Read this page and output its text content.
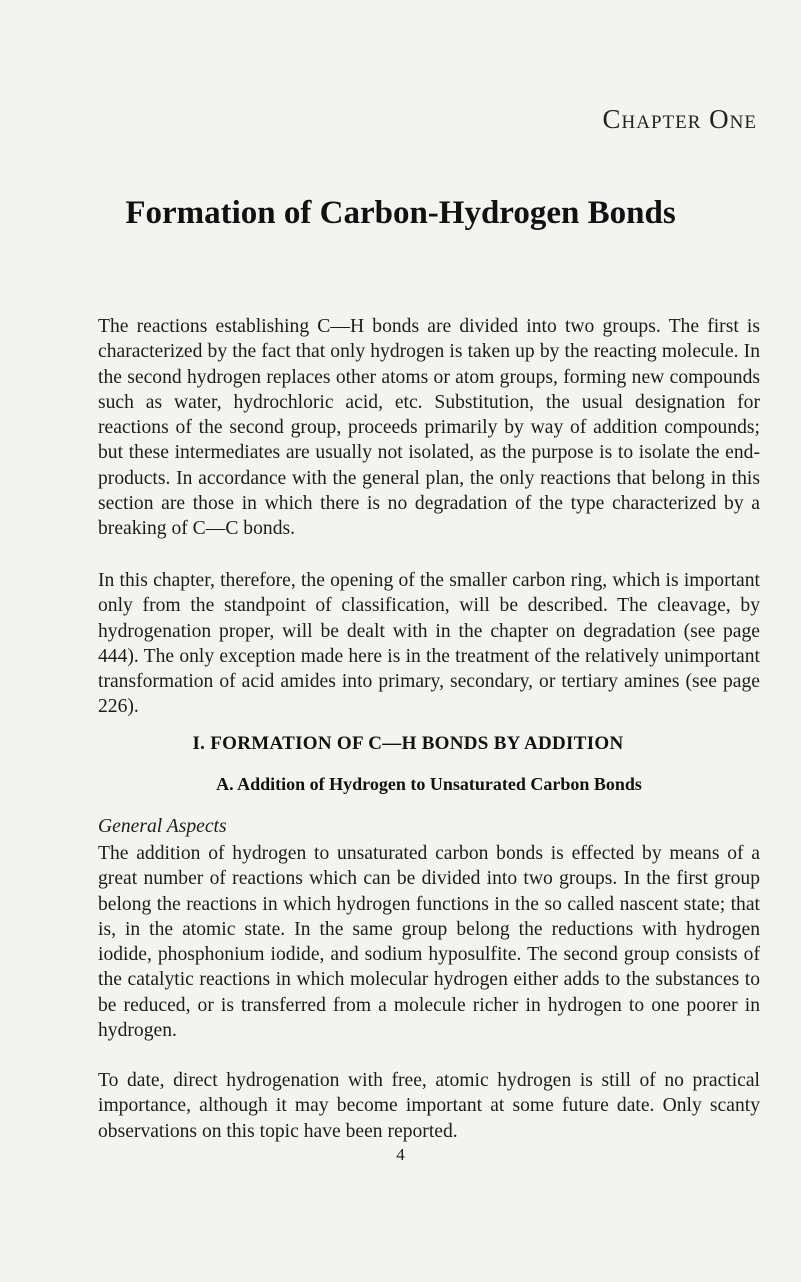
Chapter One
Formation of Carbon-Hydrogen Bonds

The reactions establishing C—H bonds are divided into two groups. The first is characterized by the fact that only hydrogen is taken up by the reacting molecule. In the second hydrogen replaces other atoms or atom groups, forming new compounds such as water, hydrochloric acid, etc. Substitution, the usual designation for reactions of the second group, proceeds primarily by way of addition compounds; but these intermediates are usually not isolated, as the purpose is to isolate the end-products. In accordance with the general plan, the only reactions that belong in this section are those in which there is no degradation of the type characterized by a breaking of C—C bonds.

In this chapter, therefore, the opening of the smaller carbon ring, which is important only from the standpoint of classification, will be described. The cleavage, by hydrogenation proper, will be dealt with in the chapter on degradation (see page 444). The only exception made here is in the treatment of the relatively unimportant transformation of acid amides into primary, secondary, or tertiary amines (see page 226).

I. FORMATION OF C—H BONDS BY ADDITION
A. Addition of Hydrogen to Unsaturated Carbon Bonds
General Aspects

The addition of hydrogen to unsaturated carbon bonds is effected by means of a great number of reactions which can be divided into two groups. In the first group belong the reactions in which hydrogen functions in the so called nascent state; that is, in the atomic state. In the same group belong the reductions with hydrogen iodide, phosphonium iodide, and sodium hyposulfite. The second group consists of the catalytic reactions in which molecular hydrogen either adds to the substances to be reduced, or is transferred from a molecule richer in hydrogen to one poorer in hydrogen.

To date, direct hydrogenation with free, atomic hydrogen is still of no practical importance, although it may become important at some future date. Only scanty observations on this topic have been reported.

4
